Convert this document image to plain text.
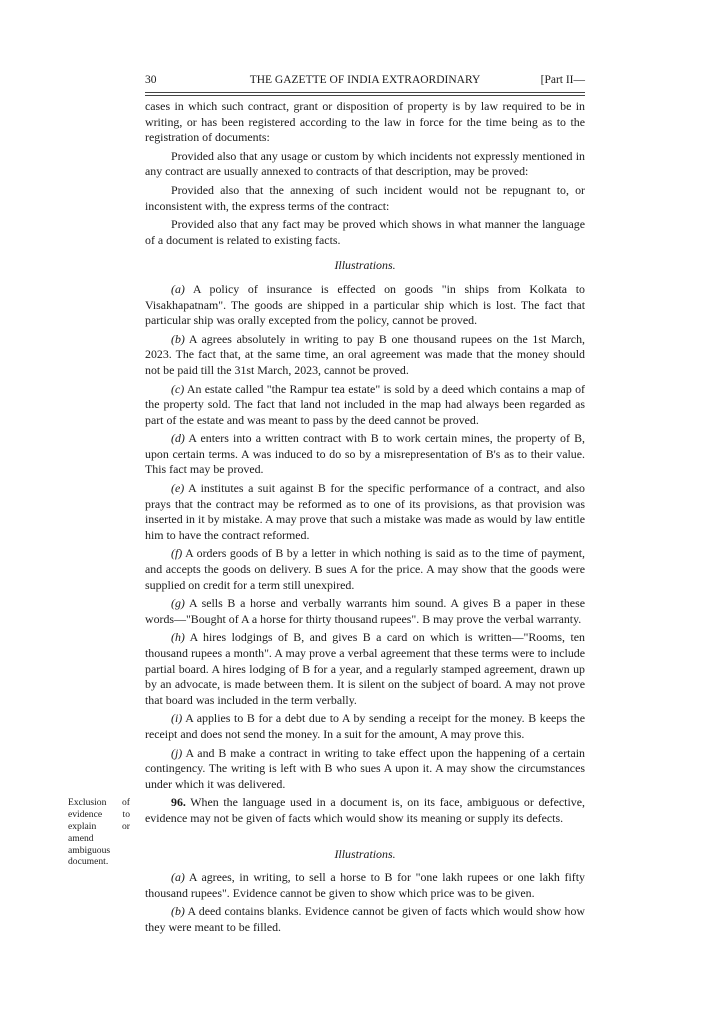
30	THE GAZETTE OF INDIA EXTRAORDINARY	[Part II—

cases in which such contract, grant or disposition of property is by law required to be in writing, or has been registered according to the law in force for the time being as to the registration of documents:

Provided also that any usage or custom by which incidents not expressly mentioned in any contract are usually annexed to contracts of that description, may be proved:

Provided also that the annexing of such incident would not be repugnant to, or inconsistent with, the express terms of the contract:

Provided also that any fact may be proved which shows in what manner the language of a document is related to existing facts.

Illustrations.

(a) A policy of insurance is effected on goods "in ships from Kolkata to Visakhapatnam". The goods are shipped in a particular ship which is lost. The fact that particular ship was orally excepted from the policy, cannot be proved.

(b) A agrees absolutely in writing to pay B one thousand rupees on the 1st March, 2023. The fact that, at the same time, an oral agreement was made that the money should not be paid till the 31st March, 2023, cannot be proved.

(c) An estate called "the Rampur tea estate" is sold by a deed which contains a map of the property sold. The fact that land not included in the map had always been regarded as part of the estate and was meant to pass by the deed cannot be proved.

(d) A enters into a written contract with B to work certain mines, the property of B, upon certain terms. A was induced to do so by a misrepresentation of B's as to their value. This fact may be proved.

(e) A institutes a suit against B for the specific performance of a contract, and also prays that the contract may be reformed as to one of its provisions, as that provision was inserted in it by mistake. A may prove that such a mistake was made as would by law entitle him to have the contract reformed.

(f) A orders goods of B by a letter in which nothing is said as to the time of payment, and accepts the goods on delivery. B sues A for the price. A may show that the goods were supplied on credit for a term still unexpired.

(g) A sells B a horse and verbally warrants him sound. A gives B a paper in these words—"Bought of A a horse for thirty thousand rupees". B may prove the verbal warranty.

(h) A hires lodgings of B, and gives B a card on which is written—"Rooms, ten thousand rupees a month". A may prove a verbal agreement that these terms were to include partial board. A hires lodging of B for a year, and a regularly stamped agreement, drawn up by an advocate, is made between them. It is silent on the subject of board. A may not prove that board was included in the term verbally.

(i) A applies to B for a debt due to A by sending a receipt for the money. B keeps the receipt and does not send the money. In a suit for the amount, A may prove this.

(j) A and B make a contract in writing to take effect upon the happening of a certain contingency. The writing is left with B who sues A upon it. A may show the circumstances under which it was delivered.

96. When the language used in a document is, on its face, ambiguous or defective, evidence may not be given of facts which would show its meaning or supply its defects.

Illustrations.

(a) A agrees, in writing, to sell a horse to B for "one lakh rupees or one lakh fifty thousand rupees". Evidence cannot be given to show which price was to be given.

(b) A deed contains blanks. Evidence cannot be given of facts which would show how they were meant to be filled.

Exclusion of evidence to explain or amend ambiguous document.
